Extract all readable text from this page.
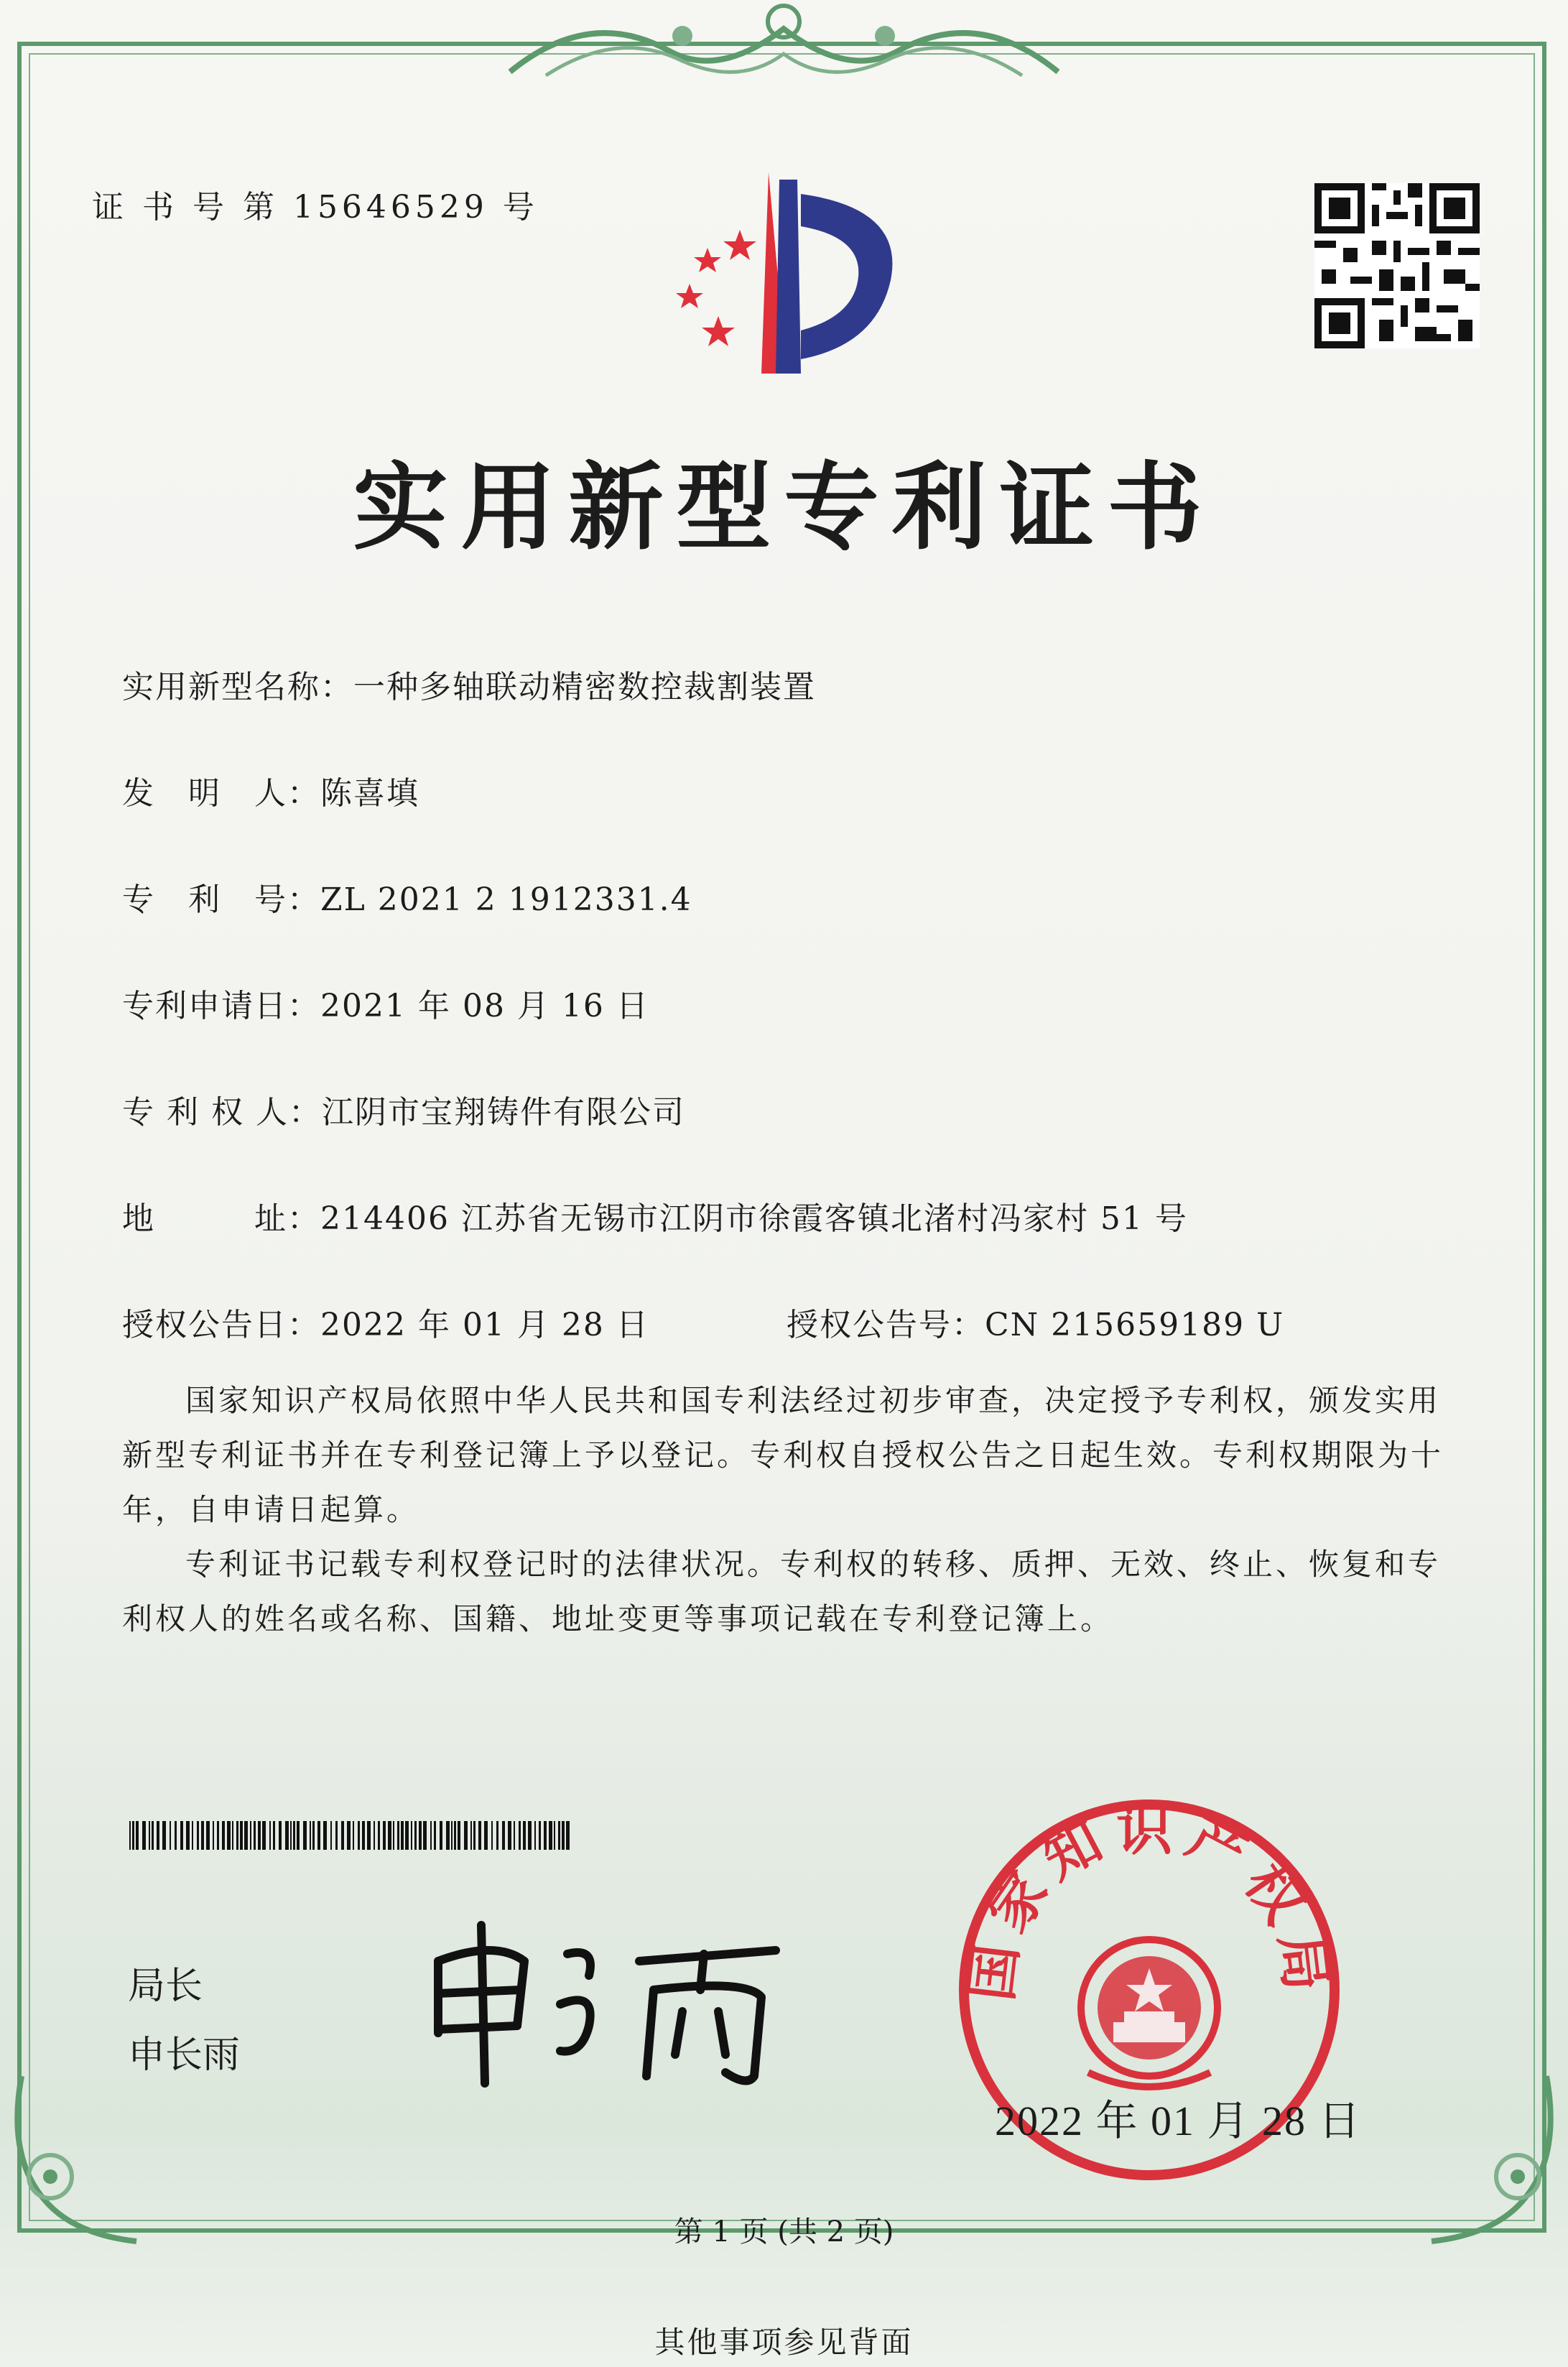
证 书 号 第 15646529 号
实用新型专利证书
实用新型名称：一种多轴联动精密数控裁割装置
发　明　人：陈喜填
专　利　号：ZL 2021 2 1912331.4
专利申请日：2021 年 08 月 16 日
专 利 权 人：江阴市宝翔铸件有限公司
地　　　址：214406 江苏省无锡市江阴市徐霞客镇北渚村冯家村 51 号
授权公告日：2022 年 01 月 28 日	授权公告号：CN 215659189 U
国家知识产权局依照中华人民共和国专利法经过初步审查，决定授予专利权，颁发实用新型专利证书并在专利登记簿上予以登记。专利权自授权公告之日起生效。专利权期限为十年，自申请日起算。
专利证书记载专利权登记时的法律状况。专利权的转移、质押、无效、终止、恢复和专利权人的姓名或名称、国籍、地址变更等事项记载在专利登记簿上。
局长
申长雨
国家知识产权局
2022 年 01 月 28 日
第 1 页 (共 2 页)
其他事项参见背面
